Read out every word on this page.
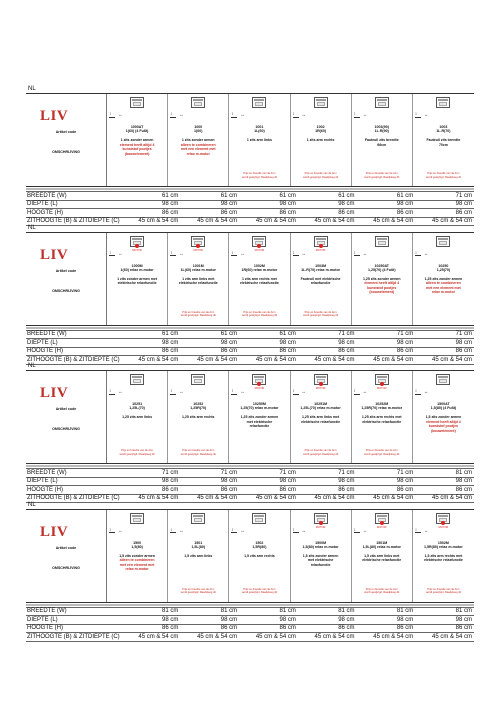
NL
LIV
Artikel code
OMSCHRIJVING
↕ ↔
1000AT
1(60) (4 Fußt)
1 zits zonder armen
element heeft altijd 4
kunststof pootjes
(bouwelement)
↕ ↔
1000
1(60)
1 zits zonder armen
alleen te combineren
met een element met
relax m.motor
↕ ↔
1001
1L(60)
1 zits arm links
Prijs en breedte van de Arm
wordt gewijzigd. Raadpleeg dit
↕ ↔
1002
1R(60)
1 zits arm rechts
Prijs en breedte van de Arm
wordt gewijzigd. Raadpleeg dit
↕ ↔
1003(90)
1L.R(90)
Fauteuil zits breedte
66cm
Prijs en breedte van de Arm
wordt gewijzigd. Raadpleeg dit
↕ ↔
1003
1L.R(70)
Fauteuil zits breedte
70cm
Prijs en breedte van de Arm
wordt gewijzigd. Raadpleeg dit
BREEDTE (W)	61 cm	61 cm	61 cm	61 cm	61 cm	71 cm
DIEPTE (L)	98 cm	98 cm	98 cm	98 cm	98 cm	98 cm
HOOGTE (H)	86 cm	86 cm	86 cm	86 cm	86 cm	86 cm
ZITHOOGTE (B) & ZITDIEPTE (C)	45 cm & 54 cm	45 cm & 54 cm	45 cm & 54 cm	45 cm & 54 cm	45 cm & 54 cm	45 cm & 54 cm
NL
LIV
Artikel code
OMSCHRIJVING
MOTOR
↕ ↔
1000M
1(60) relax m.motor
1 zits zonder armen met
elektrische relaxfunctie
MOTOR
↕ ↔
1001M
1L(60) relax m.motor
1 zits arm links met
elektrische relaxfunctie
Prijs en breedte van de Arm
wordt gewijzigd. Raadpleeg dit
MOTOR
↕ ↔
1002M
1R(60) relax m.motor
1 zits arm rechts met
elektrische relaxfunctie
Prijs en breedte van de Arm
wordt gewijzigd. Raadpleeg dit
MOTOR
↕ ↔
1003M
1L.R(70) relax m.motor
Fauteuil met elektrische
relaxfunctie
Prijs en breedte van de Arm
wordt gewijzigd. Raadpleeg dit
↕ ↔
10250AT
1,25(70) (4 Fußt)
1,25 zits zonder armen
element heeft altijd 4
kunststof pootjes
(bouwelement)
↕ ↔
10250
1,25(70)
1,25 zits zonder armen
alleen te combineren
met een element met
relax m.motor
BREEDTE (W)	61 cm	61 cm	61 cm	71 cm	71 cm	71 cm
DIEPTE (L)	98 cm	98 cm	98 cm	98 cm	98 cm	98 cm
HOOGTE (H)	86 cm	86 cm	86 cm	86 cm	86 cm	86 cm
ZITHOOGTE (B) & ZITDIEPTE (C)	45 cm & 54 cm	45 cm & 54 cm	45 cm & 54 cm	45 cm & 54 cm	45 cm & 54 cm	45 cm & 54 cm
NL
LIV
Artikel code
OMSCHRIJVING
↕ ↔
10251
1,25L(70)
1,25 zits arm links
Prijs en breedte van de Arm
wordt gewijzigd. Raadpleeg dit
↕ ↔
10252
1,25R(70)
1,25 zits arm rechts
Prijs en breedte van de Arm
wordt gewijzigd. Raadpleeg dit
MOTOR
↕ ↔
10250M
1,25(70) relax m.motor
1,25 zits zonder armen
met elektrische
relaxfunctie
MOTOR
↕ ↔
10251M
1,25L(70) relax m.motor
1,25 zits arm links met
elektrische relaxfunctie
Prijs en breedte van de Arm
wordt gewijzigd. Raadpleeg dit
MOTOR
↕ ↔
10252M
1,25R(70) relax m.motor
1,25 zits arm rechts met
elektrische relaxfunctie
Prijs en breedte van de Arm
wordt gewijzigd. Raadpleeg dit
↕ ↔
1500AT
1,5(80) (4 Fußt)
1,5 zits zonder armen
element heeft altijd 4
kunststof pootjes
(bouwelement)
BREEDTE (W)	71 cm	71 cm	71 cm	71 cm	71 cm	81 cm
DIEPTE (L)	98 cm	98 cm	98 cm	98 cm	98 cm	98 cm
HOOGTE (H)	86 cm	86 cm	86 cm	86 cm	86 cm	86 cm
ZITHOOGTE (B) & ZITDIEPTE (C)	45 cm & 54 cm	45 cm & 54 cm	45 cm & 54 cm	45 cm & 54 cm	45 cm & 54 cm	45 cm & 54 cm
NL
LIV
Artikel code
OMSCHRIJVING
↕ ↔
1500
1,5(80)
1,5 zits zonder armen
alleen te combineren
met een element met
relax m.motor
↕ ↔
1501
1,5L(80)
1,5 zits arm links
Prijs en breedte van de Arm
wordt gewijzigd. Raadpleeg dit
↕ ↔
1502
1,5R(80)
1,5 zits arm rechts
Prijs en breedte van de Arm
wordt gewijzigd. Raadpleeg dit
MOTOR
↕ ↔
1500M
1,5(80) relax m.motor
1,5 zits zonder armen
met elektrische
relaxfunctie
MOTOR
↕ ↔
1501M
1,5L(80) relax m.motor
1,5 zits arm links met
elektrische relaxfunctie
Prijs en breedte van de Arm
wordt gewijzigd. Raadpleeg dit
MOTOR
↕ ↔
1502M
1,5R(80) relax m.motor
1,5 zits arm rechts met
elektrische relaxfunctie
Prijs en breedte van de Arm
wordt gewijzigd. Raadpleeg dit
BREEDTE (W)	81 cm	81 cm	81 cm	81 cm	81 cm	81 cm
DIEPTE (L)	98 cm	98 cm	98 cm	98 cm	98 cm	98 cm
HOOGTE (H)	86 cm	86 cm	86 cm	86 cm	86 cm	86 cm
ZITHOOGTE (B) & ZITDIEPTE (C)	45 cm & 54 cm	45 cm & 54 cm	45 cm & 54 cm	45 cm & 54 cm	45 cm & 54 cm	45 cm & 54 cm
